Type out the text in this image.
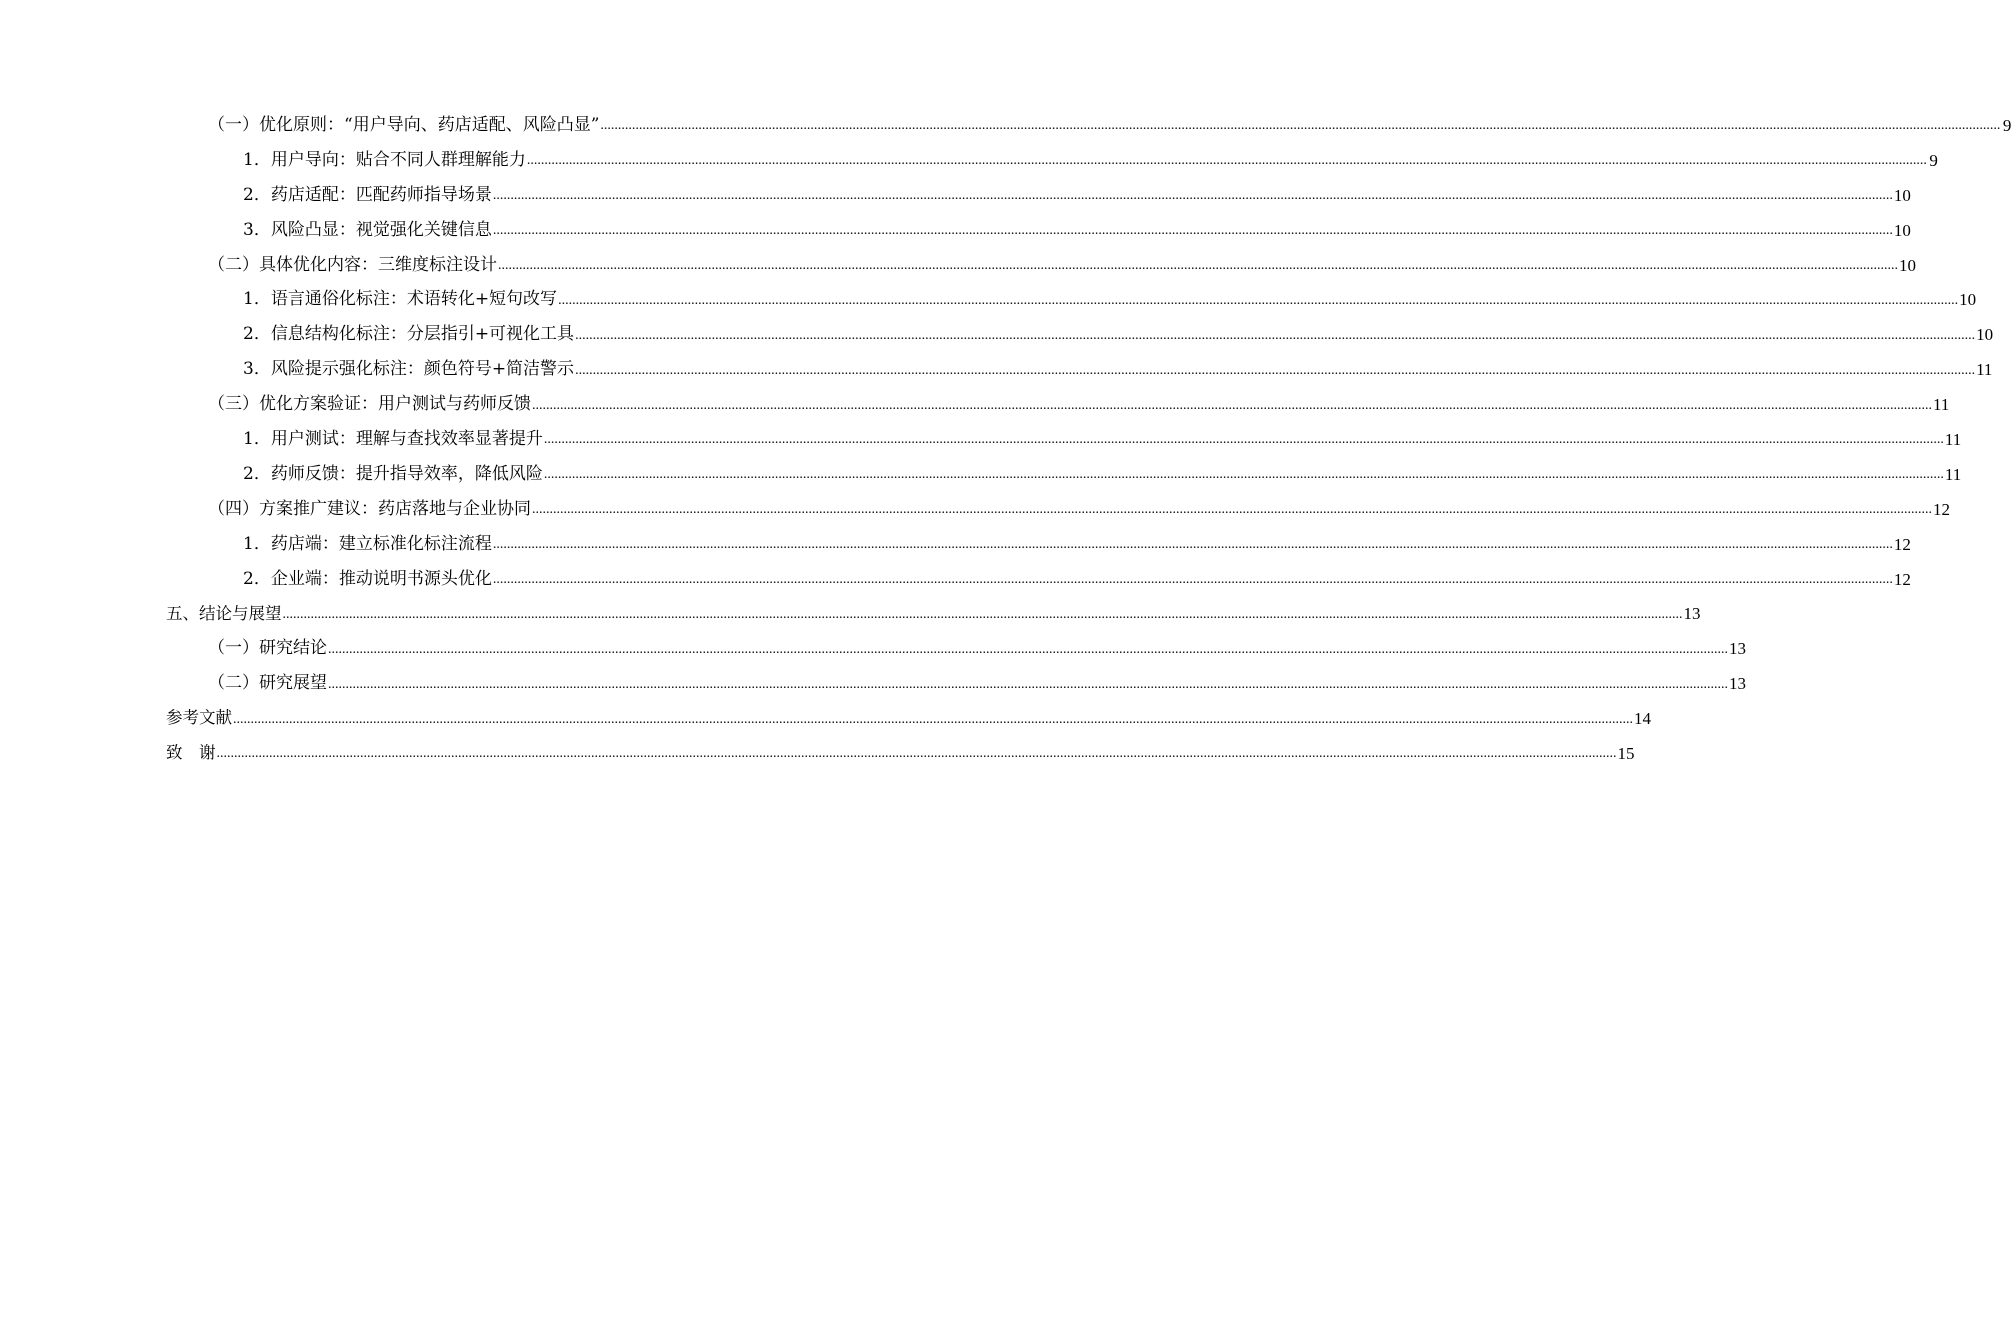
（一）优化原则：“用户导向、药店适配、风险凸显” ................................................................................................................................................................................................................................................................................................................................................................................................................ 9
1．用户导向：贴合不同人群理解能力 ................................................................................................................................................................................................................................................................................................................................................................................................................ 9
2．药店适配：匹配药师指导场景 ................................................................................................................................................................................................................................................................................................................................................................................................................ 10
3．风险凸显：视觉强化关键信息 ................................................................................................................................................................................................................................................................................................................................................................................................................ 10
（二）具体优化内容：三维度标注设计 ................................................................................................................................................................................................................................................................................................................................................................................................................ 10
1．语言通俗化标注：术语转化+短句改写 ................................................................................................................................................................................................................................................................................................................................................................................................................ 10
2．信息结构化标注：分层指引+可视化工具 ................................................................................................................................................................................................................................................................................................................................................................................................................ 10
3．风险提示强化标注：颜色符号+简洁警示 ................................................................................................................................................................................................................................................................................................................................................................................................................ 11
（三）优化方案验证：用户测试与药师反馈 ................................................................................................................................................................................................................................................................................................................................................................................................................ 11
1．用户测试：理解与查找效率显著提升 ................................................................................................................................................................................................................................................................................................................................................................................................................ 11
2．药师反馈：提升指导效率，降低风险 ................................................................................................................................................................................................................................................................................................................................................................................................................ 11
（四）方案推广建议：药店落地与企业协同 ................................................................................................................................................................................................................................................................................................................................................................................................................ 12
1．药店端：建立标准化标注流程 ................................................................................................................................................................................................................................................................................................................................................................................................................ 12
2．企业端：推动说明书源头优化 ................................................................................................................................................................................................................................................................................................................................................................................................................ 12
五、结论与展望 ................................................................................................................................................................................................................................................................................................................................................................................................................ 13
（一）研究结论 ................................................................................................................................................................................................................................................................................................................................................................................................................ 13
（二）研究展望 ................................................................................................................................................................................................................................................................................................................................................................................................................ 13
参考文献 ................................................................................................................................................................................................................................................................................................................................................................................................................ 14
致　谢 ................................................................................................................................................................................................................................................................................................................................................................................................................ 15
